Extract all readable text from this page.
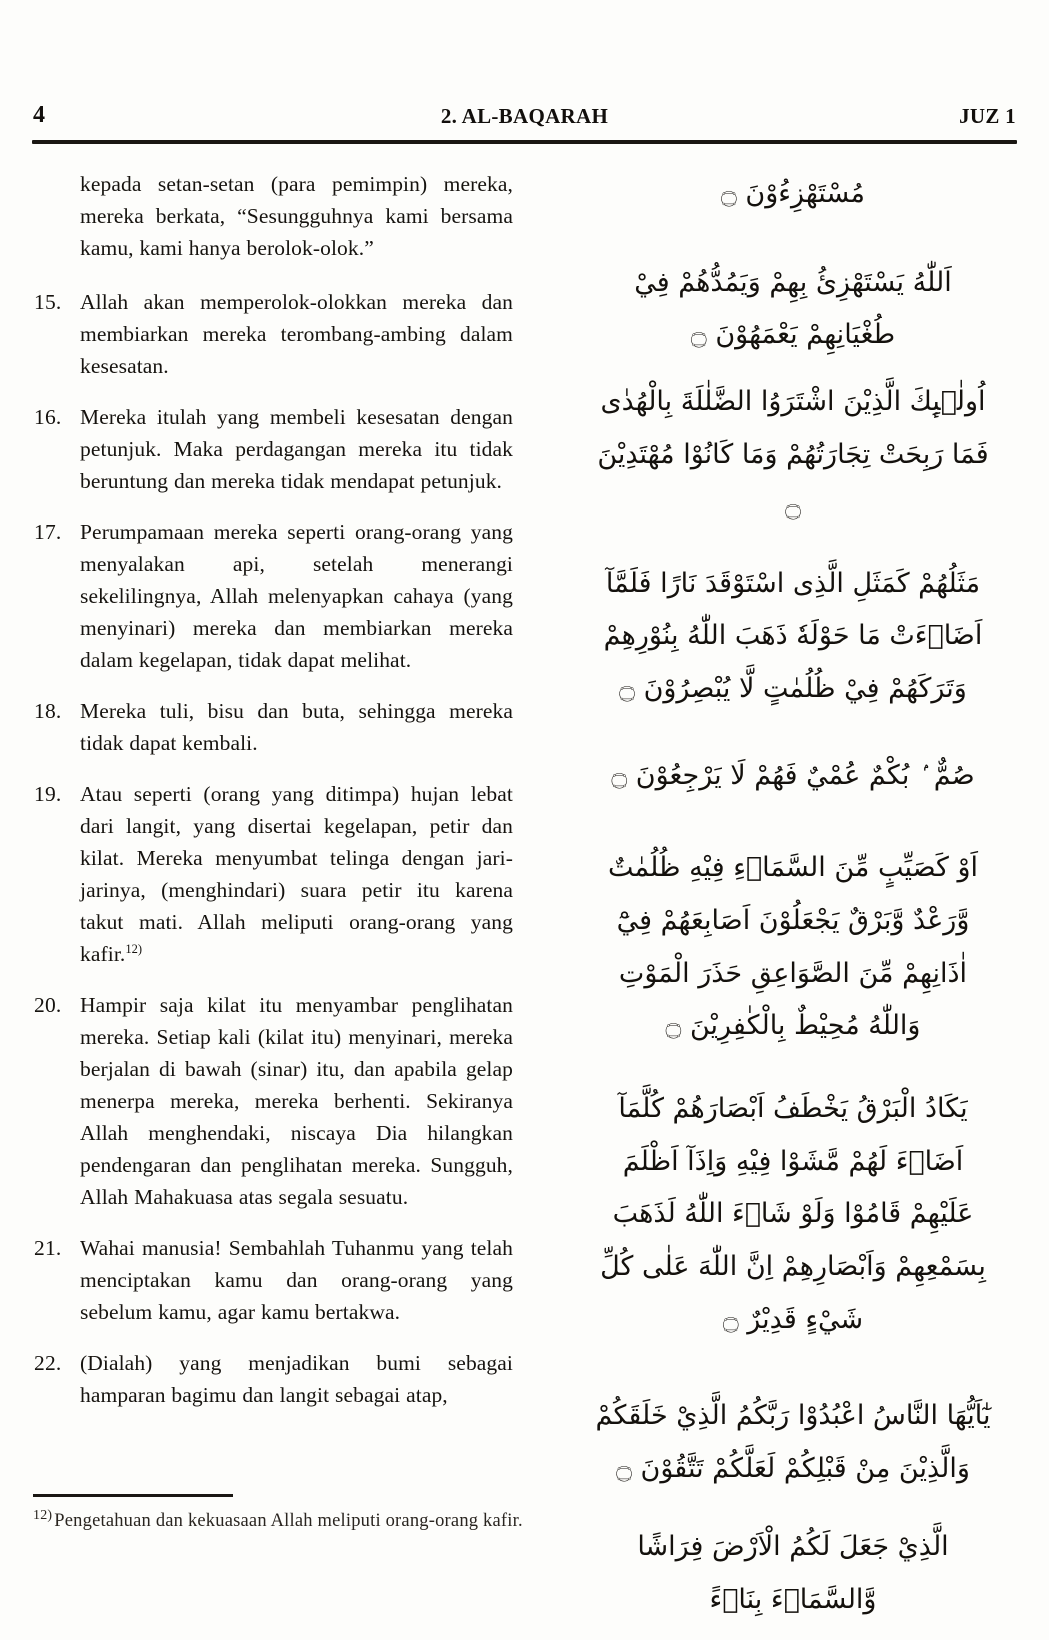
4	2. AL-BAQARAH	JUZ 1
kepada setan-setan (para pemimpin) mereka, mereka berkata, “Sesungguhnya kami bersama kamu, kami hanya berolok-olok.”
15. Allah akan memperolok-olokkan mereka dan membiarkan mereka terombang-ambing dalam kesesatan.
16. Mereka itulah yang membeli kesesatan dengan petunjuk. Maka perdagangan mereka itu tidak beruntung dan mereka tidak mendapat petunjuk.
17. Perumpamaan mereka seperti orang-orang yang menyalakan api, setelah menerangi sekelilingnya, Allah melenyapkan cahaya (yang menyinari) mereka dan membiarkan mereka dalam kegelapan, tidak dapat melihat.
18. Mereka tuli, bisu dan buta, sehingga mereka tidak dapat kembali.
19. Atau seperti (orang yang ditimpa) hujan lebat dari langit, yang disertai kegelapan, petir dan kilat. Mereka menyumbat telinga dengan jari-jarinya, (menghindari) suara petir itu karena takut mati. Allah meliputi orang-orang yang kafir.$^{12)}$
20. Hampir saja kilat itu menyambar penglihatan mereka. Setiap kali (kilat itu) menyinari, mereka berjalan di bawah (sinar) itu, dan apabila gelap menerpa mereka, mereka berhenti. Sekiranya Allah menghendaki, niscaya Dia hilangkan pendengaran dan penglihatan mereka. Sungguh, Allah Mahakuasa atas segala sesuatu.
21. Wahai manusia! Sembahlah Tuhanmu yang telah menciptakan kamu dan orang-orang yang sebelum kamu, agar kamu bertakwa.
22. (Dialah) yang menjadikan bumi sebagai hamparan bagimu dan langit sebagai atap,
مُسْتَهْزِءُوْنَ ۝
اَللّٰهُ يَسْتَهْزِئُ بِهِمْ وَيَمُدُّهُمْ فِيْ طُغْيَانِهِمْ يَعْمَهُوْنَ ۝
اُولٰۤىِٕكَ الَّذِيْنَ اشْتَرَوُا الضَّلٰلَةَ بِالْهُدٰى فَمَا رَبِحَتْ تِجَارَتُهُمْ وَمَا كَانُوْا مُهْتَدِيْنَ ۝
مَثَلُهُمْ كَمَثَلِ الَّذِى اسْتَوْقَدَ نَارًا فَلَمَّآ اَضَاۤءَتْ مَا حَوْلَهٗ ذَهَبَ اللّٰهُ بِنُوْرِهِمْ وَتَرَكَهُمْ فِيْ ظُلُمٰتٍ لَّا يُبْصِرُوْنَ ۝
صُمٌّ ۢ بُكْمٌ عُمْيٌ فَهُمْ لَا يَرْجِعُوْنَ ۝
اَوْ كَصَيِّبٍ مِّنَ السَّمَاۤءِ فِيْهِ ظُلُمٰتٌ وَّرَعْدٌ وَّبَرْقٌ يَجْعَلُوْنَ اَصَابِعَهُمْ فِيْٓ اٰذَانِهِمْ مِّنَ الصَّوَاعِقِ حَذَرَ الْمَوْتِ وَاللّٰهُ مُحِيْطٌ بِالْكٰفِرِيْنَ ۝
يَكَادُ الْبَرْقُ يَخْطَفُ اَبْصَارَهُمْ كُلَّمَآ اَضَاۤءَ لَهُمْ مَّشَوْا فِيْهِ وَاِذَآ اَظْلَمَ عَلَيْهِمْ قَامُوْا وَلَوْ شَاۤءَ اللّٰهُ لَذَهَبَ بِسَمْعِهِمْ وَاَبْصَارِهِمْ اِنَّ اللّٰهَ عَلٰى كُلِّ شَيْءٍ قَدِيْرٌ ۝
يٰٓاَيُّهَا النَّاسُ اعْبُدُوْا رَبَّكُمُ الَّذِيْ خَلَقَكُمْ وَالَّذِيْنَ مِنْ قَبْلِكُمْ لَعَلَّكُمْ تَتَّقُوْنَ ۝
الَّذِيْ جَعَلَ لَكُمُ الْاَرْضَ فِرَاشًا وَّالسَّمَاۤءَ بِنَاۤءً
$^{12)}$ Pengetahuan dan kekuasaan Allah meliputi orang-orang kafir.
